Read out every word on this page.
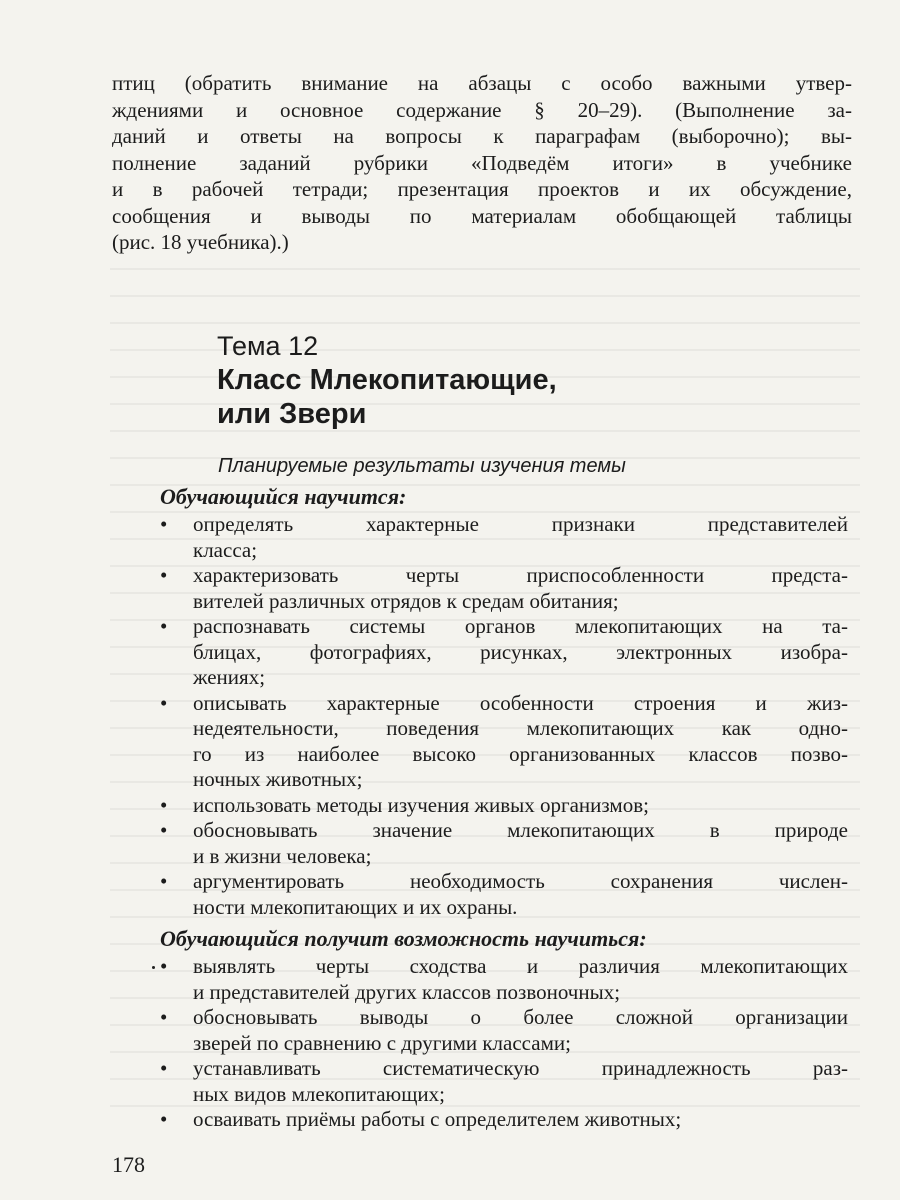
птиц (обратить внимание на абзацы с особо важными утвер-
ждениями и основное содержание § 20–29). (Выполнение за-
даний и ответы на вопросы к параграфам (выборочно); вы-
полнение заданий рубрики «Подведём итоги» в учебнике
и в рабочей тетради; презентация проектов и их обсуждение,
сообщения и выводы по материалам обобщающей таблицы
(рис. 18 учебника).)
Тема 12
Класс Млекопитающие,
или Звери
Планируемые результаты изучения темы
Обучающийся научится:
• определять характерные признаки представителей
класса;
• характеризовать черты приспособленности предста-
вителей различных отрядов к средам обитания;
• распознавать системы органов млекопитающих на та-
блицах, фотографиях, рисунках, электронных изобра-
жениях;
• описывать характерные особенности строения и жиз-
недеятельности, поведения млекопитающих как одно-
го из наиболее высоко организованных классов позво-
ночных животных;
• использовать методы изучения живых организмов;
• обосновывать значение млекопитающих в природе
и в жизни человека;
• аргументировать необходимость сохранения числен-
ности млекопитающих и их охраны.
Обучающийся получит возможность научиться:
• выявлять черты сходства и различия млекопитающих
и представителей других классов позвоночных;
• обосновывать выводы о более сложной организации
зверей по сравнению с другими классами;
• устанавливать систематическую принадлежность раз-
ных видов млекопитающих;
• осваивать приёмы работы с определителем животных;
178
